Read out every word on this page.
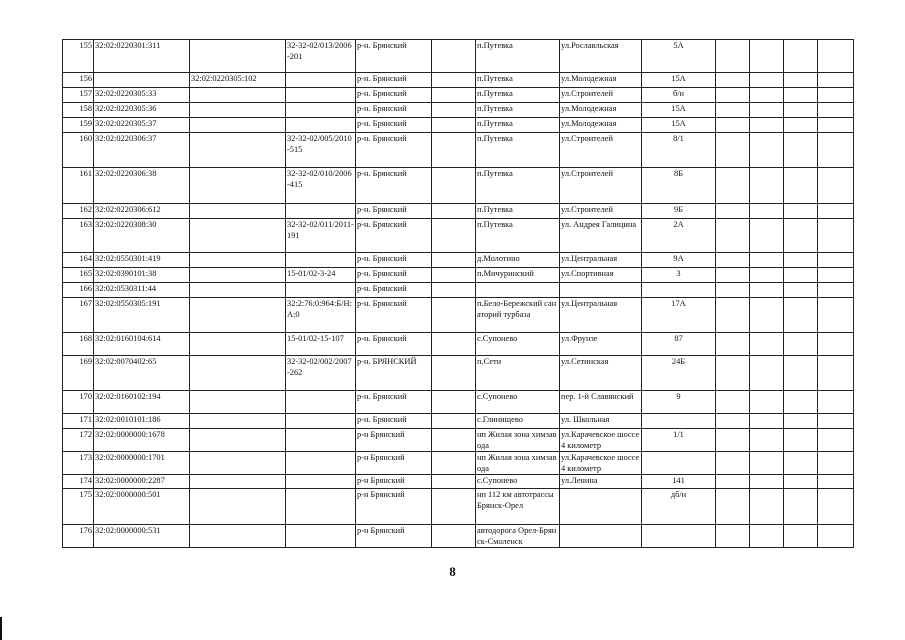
155	32:02:0220301:311		32-32-02/013/2006-201	р-н. Брянский		п.Путевка	ул.Рославльская	5А				
156		32:02:0220305:102		р-н. Брянский		п.Путевка	ул.Молодежная	15А				
157	32:02:0220305:33			р-н. Брянский		п.Путевка	ул.Строителей	б/н				
158	32:02:0220305:36			р-н. Брянский		п.Путевка	ул.Молодежная	15А				
159	32:02:0220305:37			р-н. Брянский		п.Путевка	ул.Молодежная	15А				
160	32:02:0220306:37		32-32-02/005/2010-515	р-н. Брянский		п.Путевка	ул.Строителей	8/1				
161	32:02:0220306:38		32-32-02/010/2006-415	р-н. Брянский		п.Путевка	ул.Строителей	8Б				
162	32:02:0220306:612			р-н. Брянский		п.Путевка	ул.Строителей	9Б				
163	32:02:0220308:30		32-32-02/011/2011-191	р-н. Брянский		п.Путевка	ул. Андрея Галицина	2А				
164	32:02:0550301:419			р-н. Брянский		д.Молотино	ул.Центральная	9А				
165	32:02:0390101:38		15-01/02-3-24	р-н. Брянский		п.Мичуринский	ул.Спортивная	3				
166	32:02:0530311:44			р-н. Брянский								
167	32:02:0550305:191		32:2:76:0:964:Б/Н:А:0	р-н. Брянский		п.Бело-Бережский санаторий турбаза	ул.Центральная	17А				
168	32:02:0160104:614		15-01/02-15-107	р-н. Брянский		с.Супонево	ул.Фрунзе	87				
169	32:02:0070402:65		32-32-02/002/2007-262	р-н. БРЯНСКИЙ		п.Сети	ул.Сетинская	24Б				
170	32:02:0160102:194			р-н. Брянский		с.Супонево	пер. 1-й Славянский	9				
171	32:02:0010101:186			р-н. Брянский		с.Глинищево	ул. Школьная					
172	32:02:0000000:1678			р-н Брянский		нп Жилая зона химзавода	ул.Карачевское шоссе 4 километр	1/1				
173	32:02:0000000:1701			р-н Брянский		нп Жилая зона химзавода	ул.Карачевское шоссе 4 километр					
174	32:02:0000000:2287			р-н Брянский		с.Супонево	ул.Ленина	141				
175	32:02:0000000:501			р-н Брянский		нп 112 км автотрассы Брянск-Орел		дб/н				
176	32:02:0000000:531			р-н Брянский		автодорога Орел-Брянск-Смоленск						
8
